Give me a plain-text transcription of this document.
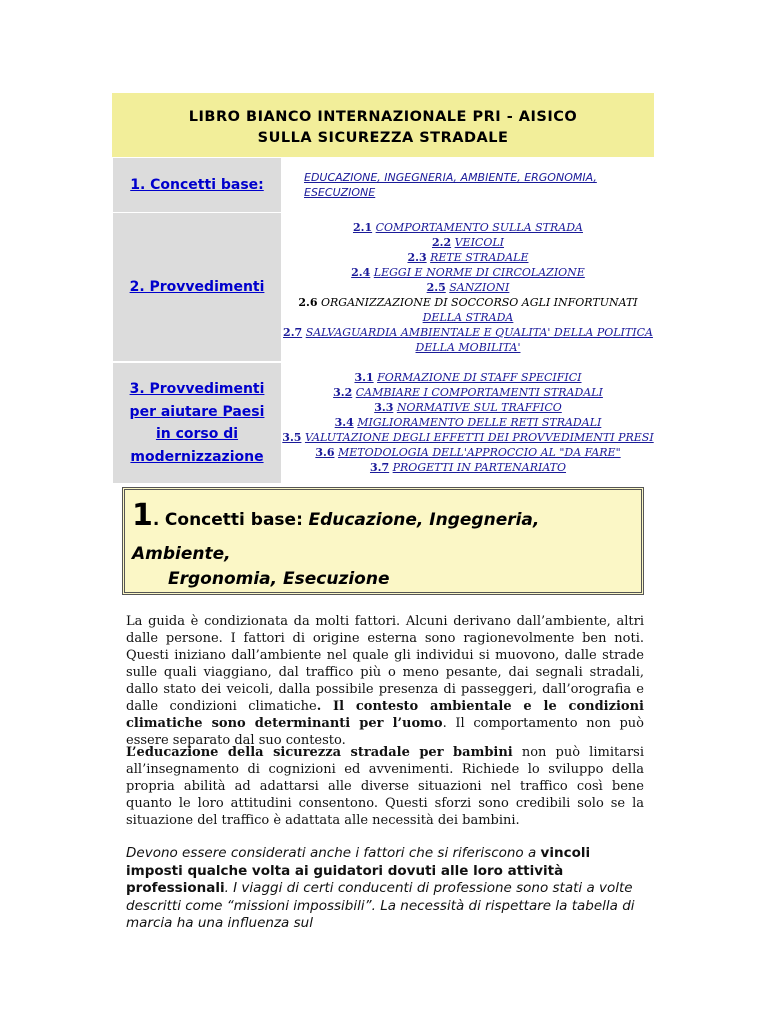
LIBRO BIANCO INTERNAZIONALE PRI - AISICO
SULLA SICUREZZA STRADALE
1. Concetti base:	EDUCAZIONE, INGEGNERIA, AMBIENTE, ERGONOMIA,
ESECUZIONE
2. Provvedimenti
2.1 COMPORTAMENTO SULLA STRADA
2.2 VEICOLI
2.3 RETE STRADALE
2.4 LEGGI E NORME DI CIRCOLAZIONE
2.5 SANZIONI
2.6 ORGANIZZAZIONE DI SOCCORSO AGLI INFORTUNATI
DELLA STRADA
2.7 SALVAGUARDIA AMBIENTALE E QUALITA' DELLA POLITICA
DELLA MOBILITA'
3. Provvedimenti
per aiutare Paesi
in corso di
modernizzazione
3.1 FORMAZIONE DI STAFF SPECIFICI
3.2 CAMBIARE I COMPORTAMENTI STRADALI
3.3 NORMATIVE SUL TRAFFICO
3.4 MIGLIORAMENTO DELLE RETI STRADALI
3.5 VALUTAZIONE DEGLI EFFETTI DEI PROVVEDIMENTI PRESI
3.6 METODOLOGIA DELL'APPROCCIO AL "DA FARE"
3.7 PROGETTI IN PARTENARIATO
1. Concetti base: Educazione, Ingegneria,
Ambiente,
Ergonomia, Esecuzione
La guida è condizionata da molti fattori. Alcuni derivano dall’ambiente, altri dalle persone. I fattori di origine esterna sono ragionevolmente ben noti. Questi iniziano dall’ambiente nel quale gli individui si muovono, dalle strade sulle quali viaggiano, dal traffico più o meno pesante, dai segnali stradali, dallo stato dei veicoli, dalla possibile presenza di passeggeri, dall’orografia e dalle condizioni climatiche. Il contesto ambientale e le condizioni climatiche sono determinanti per l’uomo. Il comportamento non può essere separato dal suo contesto.
L’educazione della sicurezza stradale per bambini non può limitarsi all’insegnamento di cognizioni ed avvenimenti. Richiede lo sviluppo della propria abilità ad adattarsi alle diverse situazioni nel traffico così bene quanto le loro attitudini consentono. Questi sforzi sono credibili solo se la situazione del traffico è adattata alle necessità dei bambini.
Devono essere considerati anche i fattori che si riferiscono a vincoli imposti qualche volta ai guidatori dovuti alle loro attività professionali. I viaggi di certi conducenti di professione sono stati a volte descritti come “missioni impossibili”. La necessità di rispettare la tabella di marcia ha una influenza sul
